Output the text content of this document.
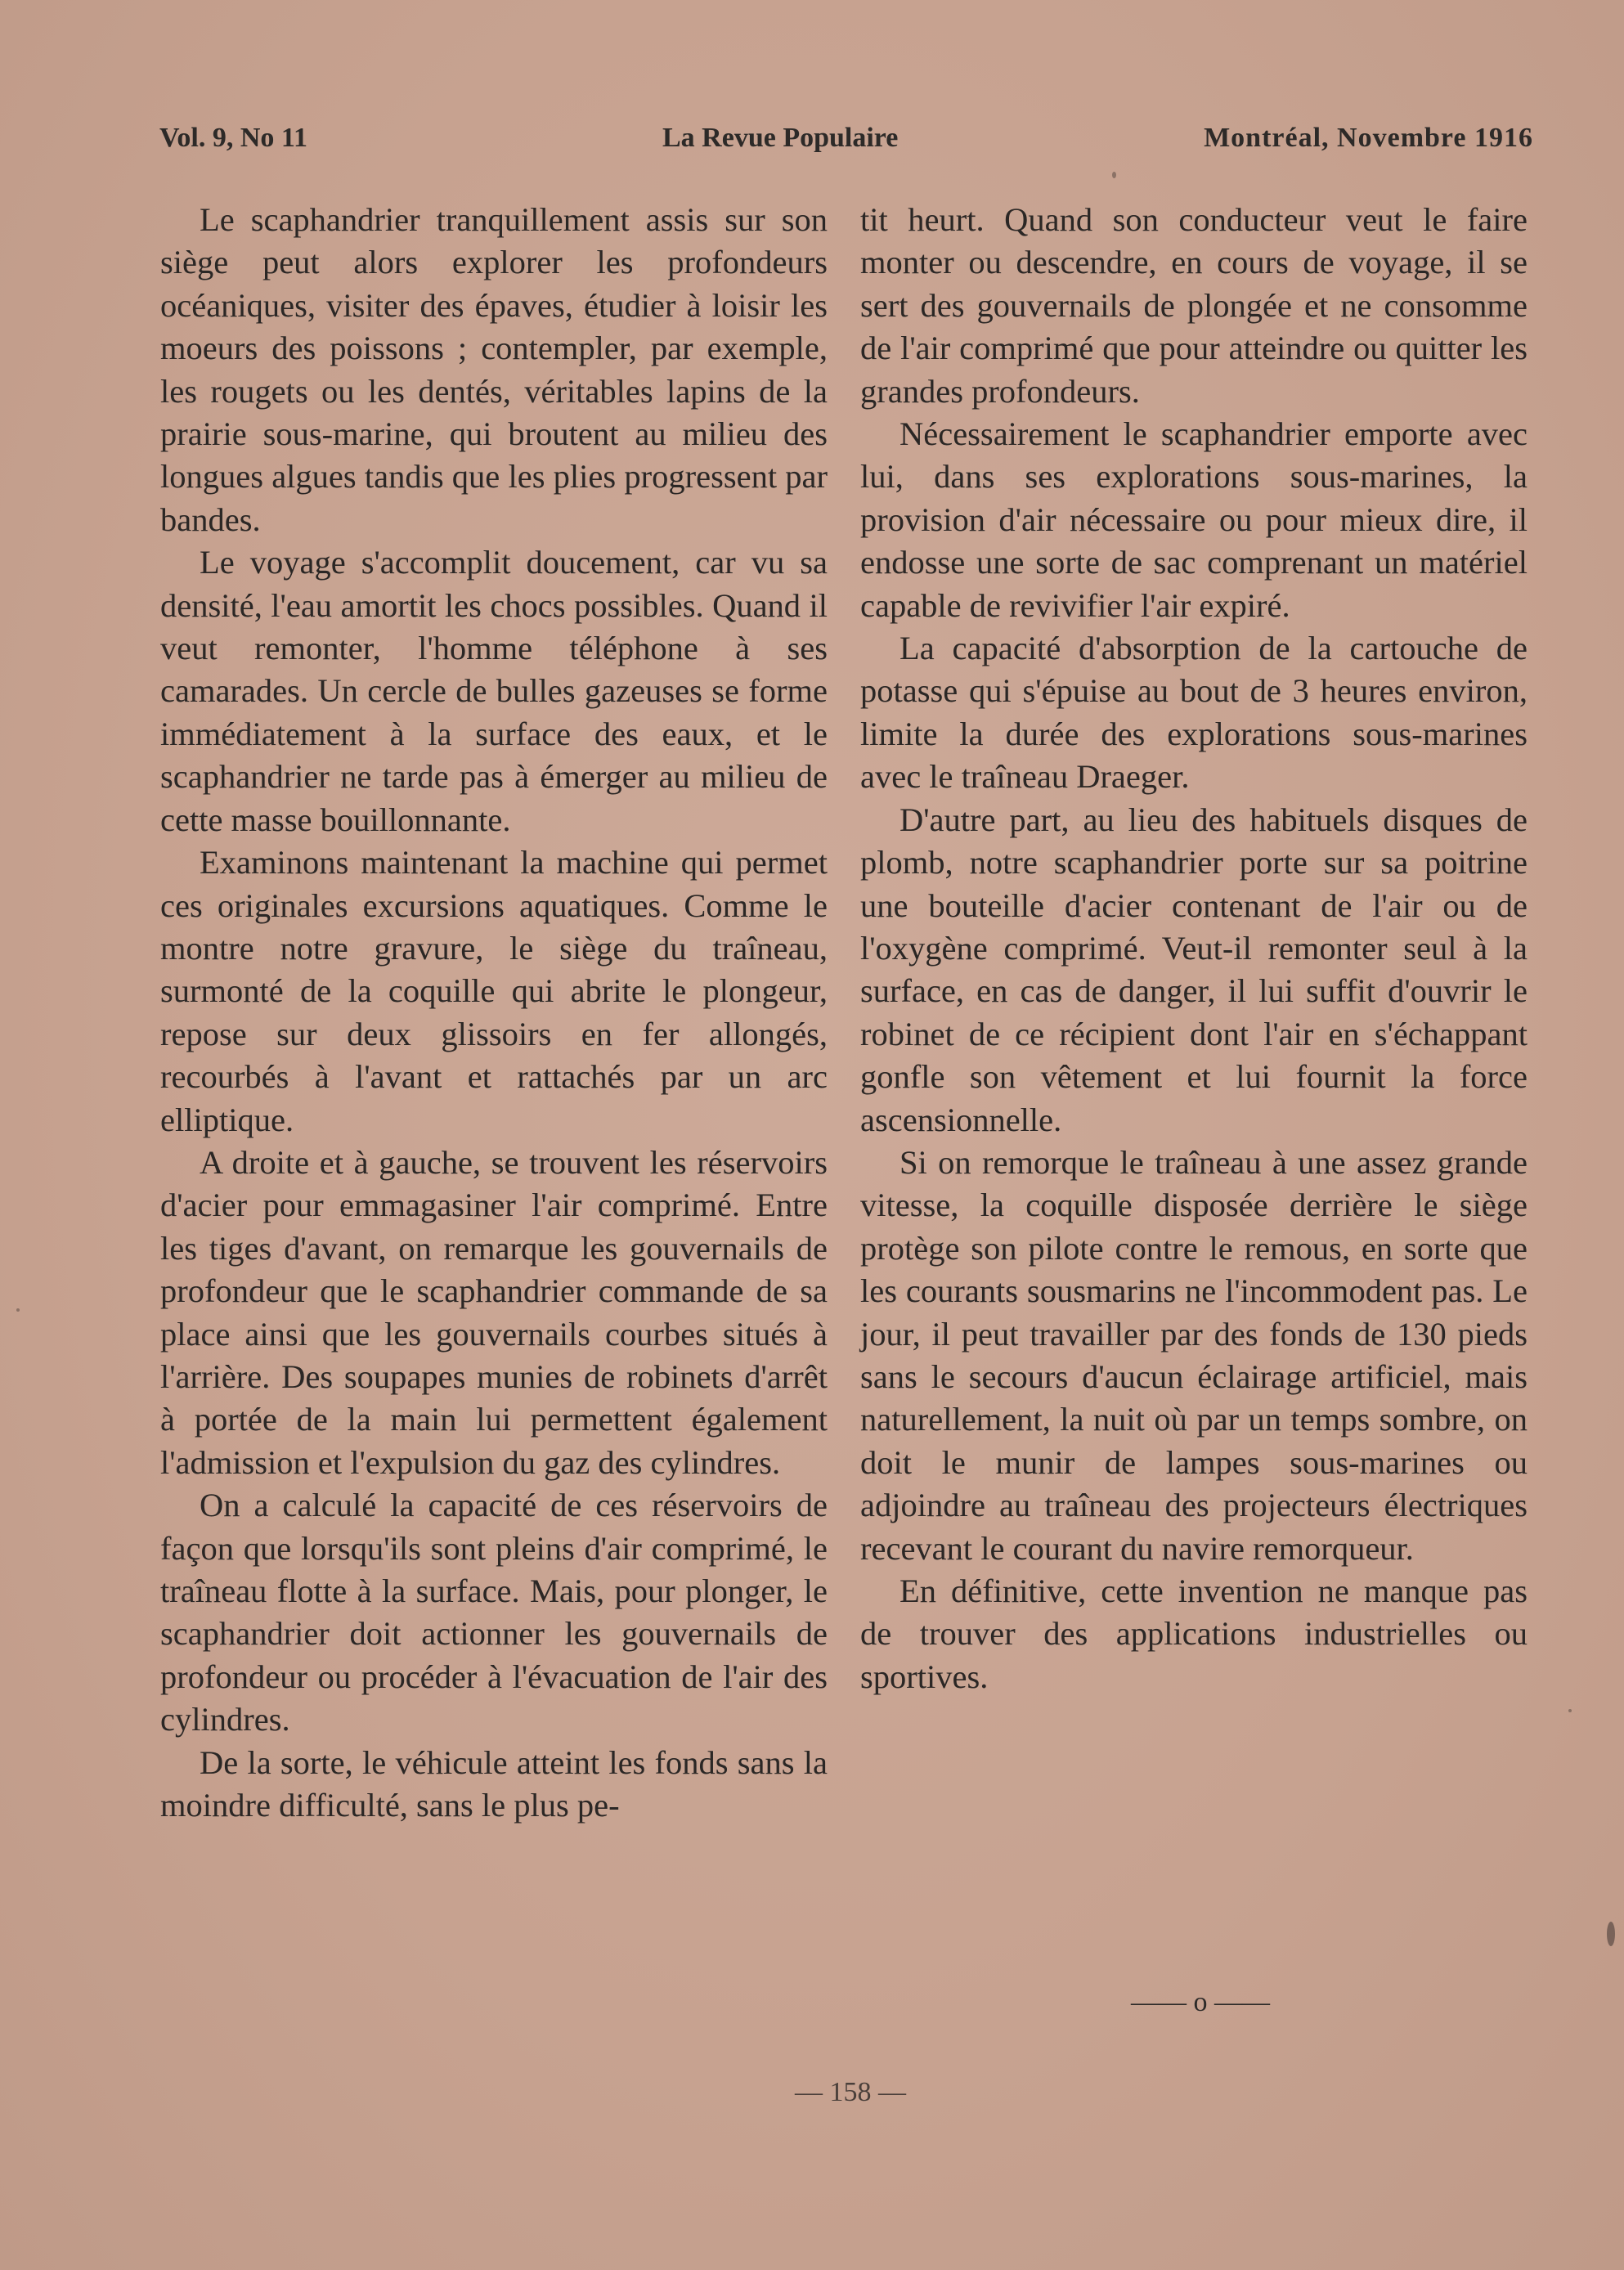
Vol. 9, No 11	La Revue Populaire	Montréal, Novembre 1916

Le scaphandrier tranquillement assis sur son siège peut alors explorer les profondeurs océaniques, visiter des épaves, étudier à loisir les moeurs des poissons ; contempler, par exemple, les rougets ou les dentés, véritables lapins de la prairie sous-marine, qui broutent au milieu des longues algues tandis que les plies progressent par bandes.

Le voyage s'accomplit doucement, car vu sa densité, l'eau amortit les chocs possibles. Quand il veut remonter, l'homme téléphone à ses camarades. Un cercle de bulles gazeuses se forme immédiatement à la surface des eaux, et le scaphandrier ne tarde pas à émerger au milieu de cette masse bouillonnante.

Examinons maintenant la machine qui permet ces originales excursions aquatiques. Comme le montre notre gravure, le siège du traîneau, surmonté de la coquille qui abrite le plongeur, repose sur deux glissoirs en fer allongés, recourbés à l'avant et rattachés par un arc elliptique.

A droite et à gauche, se trouvent les réservoirs d'acier pour emmagasiner l'air comprimé. Entre les tiges d'avant, on remarque les gouvernails de profondeur que le scaphandrier commande de sa place ainsi que les gouvernails courbes situés à l'arrière. Des soupapes munies de robinets d'arrêt à portée de la main lui permettent également l'admission et l'expulsion du gaz des cylindres.

On a calculé la capacité de ces réservoirs de façon que lorsqu'ils sont pleins d'air comprimé, le traîneau flotte à la surface. Mais, pour plonger, le scaphandrier doit actionner les gouvernails de profondeur ou procéder à l'évacuation de l'air des cylindres.

De la sorte, le véhicule atteint les fonds sans la moindre difficulté, sans le plus pe-

tit heurt. Quand son conducteur veut le faire monter ou descendre, en cours de voyage, il se sert des gouvernails de plongée et ne consomme de l'air comprimé que pour atteindre ou quitter les grandes profondeurs.

Nécessairement le scaphandrier emporte avec lui, dans ses explorations sous-marines, la provision d'air nécessaire ou pour mieux dire, il endosse une sorte de sac comprenant un matériel capable de revivifier l'air expiré.

La capacité d'absorption de la cartouche de potasse qui s'épuise au bout de 3 heures environ, limite la durée des explorations sous-marines avec le traîneau Draeger.

D'autre part, au lieu des habituels disques de plomb, notre scaphandrier porte sur sa poitrine une bouteille d'acier contenant de l'air ou de l'oxygène comprimé. Veut-il remonter seul à la surface, en cas de danger, il lui suffit d'ouvrir le robinet de ce récipient dont l'air en s'échappant gonfle son vêtement et lui fournit la force ascensionnelle.

Si on remorque le traîneau à une assez grande vitesse, la coquille disposée derrière le siège protège son pilote contre le remous, en sorte que les courants sousmarins ne l'incommodent pas. Le jour, il peut travailler par des fonds de 130 pieds sans le secours d'aucun éclairage artificiel, mais naturellement, la nuit où par un temps sombre, on doit le munir de lampes sous-marines ou adjoindre au traîneau des projecteurs électriques recevant le courant du navire remorqueur.

En définitive, cette invention ne manque pas de trouver des applications industrielles ou sportives.

—— o ——
— 158 —
